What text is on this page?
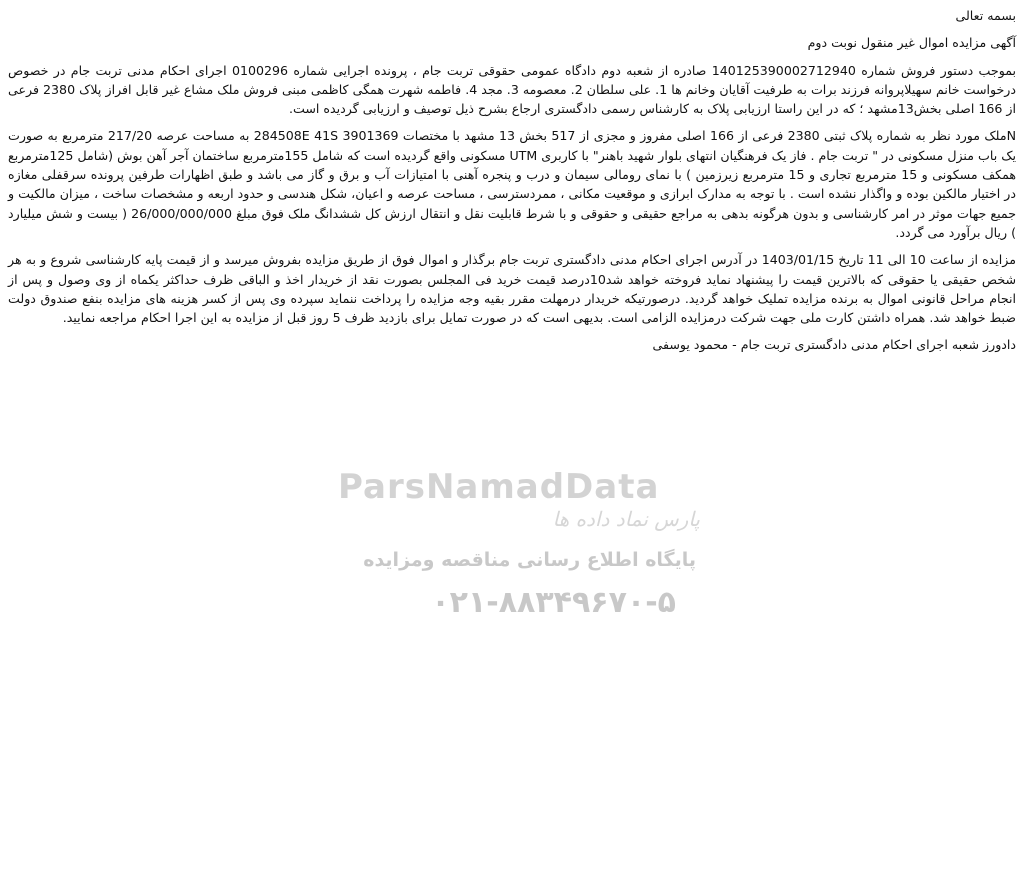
ParsNamadData
پارس نماد داده ها
پایگاه اطلاع رسانی مناقصه ومزایده
۰۲۱-۸۸۳۴۹۶۷۰-۵

بسمه تعالی

آگهی مزایده اموال غیر منقول نوبت دوم

بموجب دستور فروش شماره 140125390002712940 صادره از شعبه دوم دادگاه عمومی حقوقی تربت جام ، پرونده اجرایی شماره 0100296 اجرای احکام مدنی تربت جام در خصوص درخواست خانم سهیلاپروانه فرزند برات به طرفیت آقایان وخانم ها 1. علی سلطان 2. معصومه 3. مجد 4. فاطمه شهرت همگی کاظمی مبنی فروش ملک مشاع غیر قابل افراز پلاک 2380 فرعی از 166 اصلی بخش13مشهد ؛ که در این راستا ارزیابی پلاک به کارشناس رسمی دادگستری ارجاع بشرح ذیل توصیف و ارزیابی گردیده است.

Nملک مورد نظر به شماره پلاک ثبتی 2380 فرعی از 166 اصلی مفروز و مجزی از 517 بخش 13 مشهد با مختصات 3901369 284508E 41S به مساحت عرصه 217/20 مترمربع به صورت یک باب منزل مسکونی در " تربت جام . فاز یک فرهنگیان انتهای بلوار شهید باهنر" با کاربری UTM مسکونی واقع گردیده است که شامل 155مترمربع ساختمان آجر آهن بوش (شامل 125مترمربع همکف مسکونی و 15 مترمربع تجاری و 15 مترمربع زیرزمین ) با نمای رومالی سیمان و درب و پنجره آهنی با امتیازات آب و برق و گاز می باشد و طبق اظهارات طرفین پرونده سرقفلی مغازه در اختیار مالکین بوده و واگذار نشده است . با توجه به مدارک ابرازی و موقعیت مکانی ، ممردسترسی ، مساحت عرصه و اعیان، شکل هندسی و حدود اربعه و مشخصات ساخت ، میزان مالکیت و جمیع جهات موثر در امر کارشناسی و بدون هرگونه بدهی به مراجع حقیقی و حقوقی و با شرط قابلیت نقل و انتقال ارزش کل ششدانگ ملک فوق مبلغ 26/000/000/000 ( بیست و شش میلیارد ) ریال برآورد می گردد.

مزایده از ساعت 10 الی 11 تاریخ 1403/01/15 در آدرس اجرای احکام مدنی دادگستری تربت جام برگذار و اموال فوق از طریق مزایده بفروش میرسد و از قیمت پایه کارشناسی شروع و به هر شخص حقیقی یا حقوقی که بالاترین قیمت را پیشنهاد نماید فروخته خواهد شد10درصد قیمت خرید فی المجلس بصورت نقد از خریدار اخذ و الباقی ظرف حداکثر یکماه از وی وصول و پس از انجام مراحل قانونی اموال به برنده مزایده تملیک خواهد گردید. درصورتیکه خریدار درمهلت مقرر بقیه وجه مزایده را پرداخت ننماید سپرده وی پس از کسر هزینه های مزایده بنفع صندوق دولت ضبط خواهد شد. همراه داشتن کارت ملی جهت شرکت درمزایده الزامی است. بدیهی است که در صورت تمایل برای بازدید ظرف 5 روز قبل از مزایده به این اجرا احکام مراجعه نمایید.

دادورز شعبه اجرای احکام مدنی دادگستری تربت جام - محمود یوسفی
